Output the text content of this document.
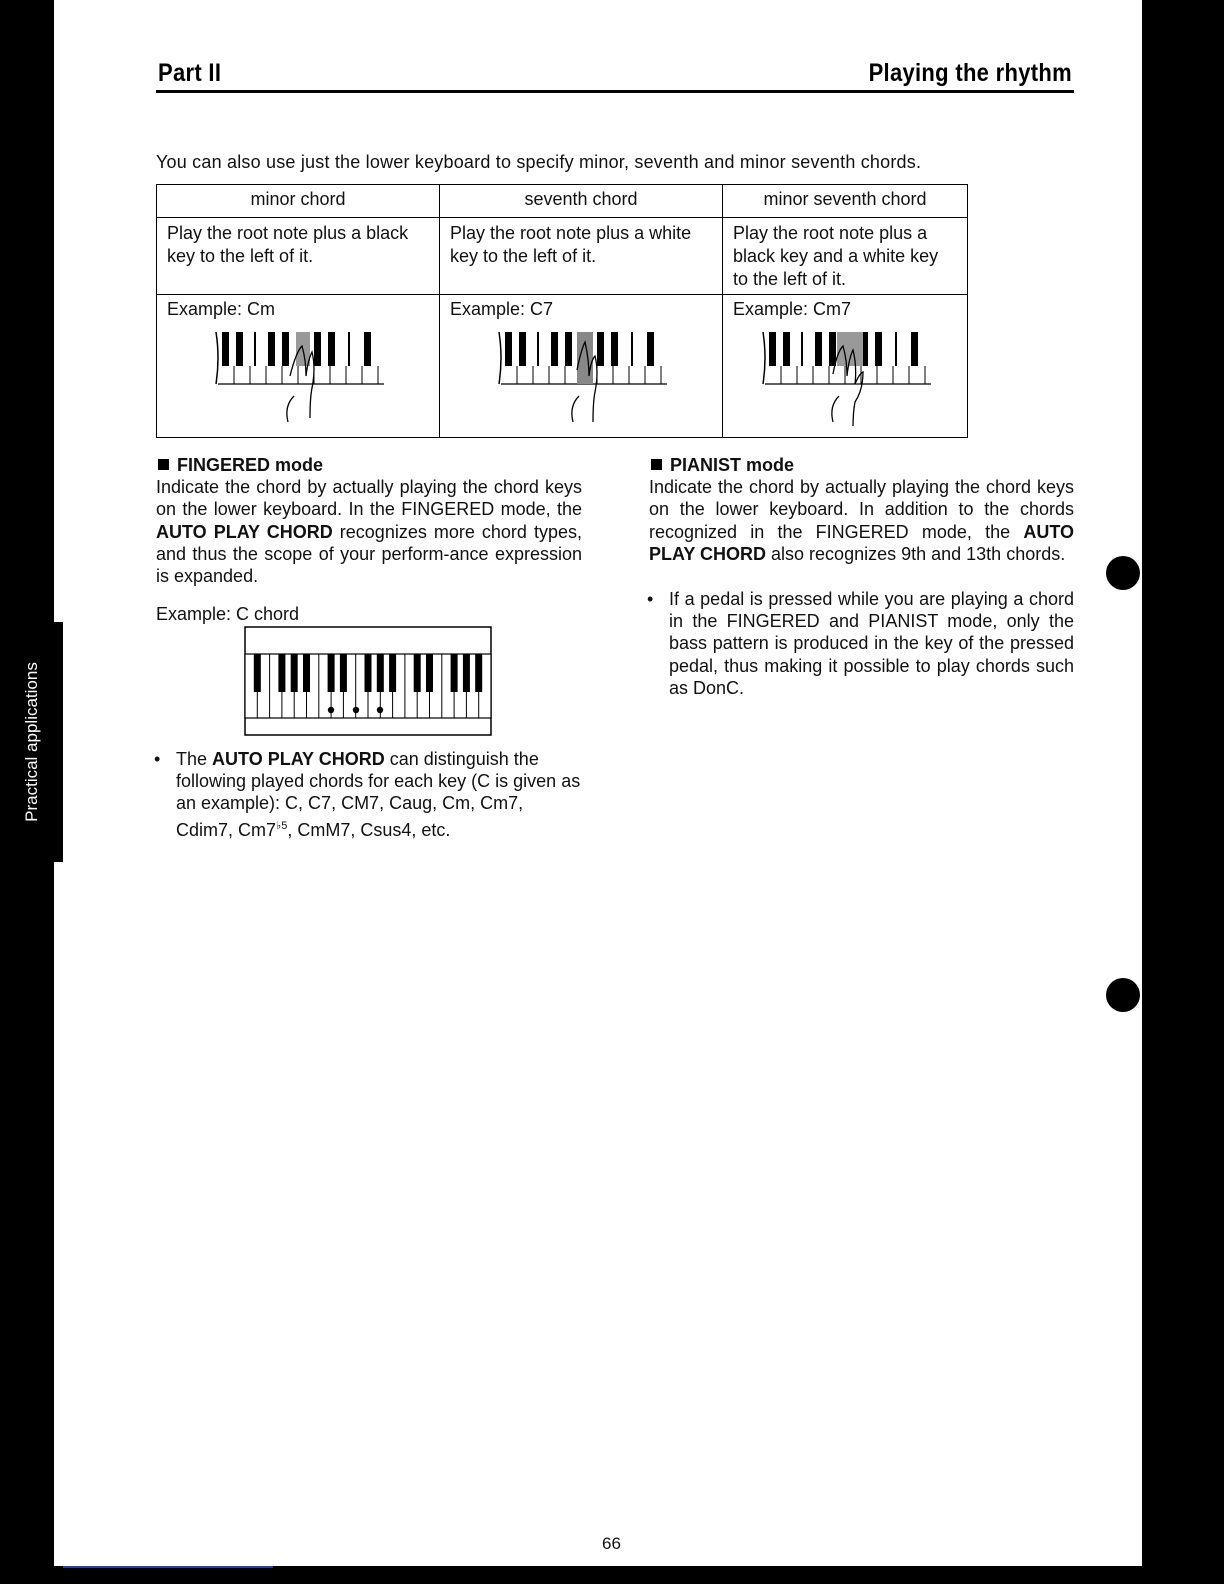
Part II	Playing the rhythm
You can also use just the lower keyboard to specify minor, seventh and minor seventh chords.
minor chord	seventh chord	minor seventh chord
Play the root note plus a black key to the left of it.	Play the root note plus a white key to the left of it.	Play the root note plus a black key and a white key to the left of it.

Example: Cm	Example: C7	Example: Cm7
FINGERED mode

Indicate the chord by actually playing the chord keys on the lower keyboard. In the FINGERED mode, the AUTO PLAY CHORD recognizes more chord types, and thus the scope of your perform-ance expression is expanded.

Example: C chord
• The AUTO PLAY CHORD can distinguish the following played chords for each key (C is given as an example): C, C7, CM7, Caug, Cm, Cm7, Cdim7, $Cm7^{♭5}$, CmM7, Csus4, etc.
PIANIST mode

Indicate the chord by actually playing the chord keys on the lower keyboard. In addition to the chords recognized in the FINGERED mode, the AUTO PLAY CHORD also recognizes 9th and 13th chords.

• If a pedal is pressed while you are playing a chord in the FINGERED and PIANIST mode, only the bass pattern is produced in the key of the pressed pedal, thus making it possible to play chords such as DonC.
66
Practical applications
